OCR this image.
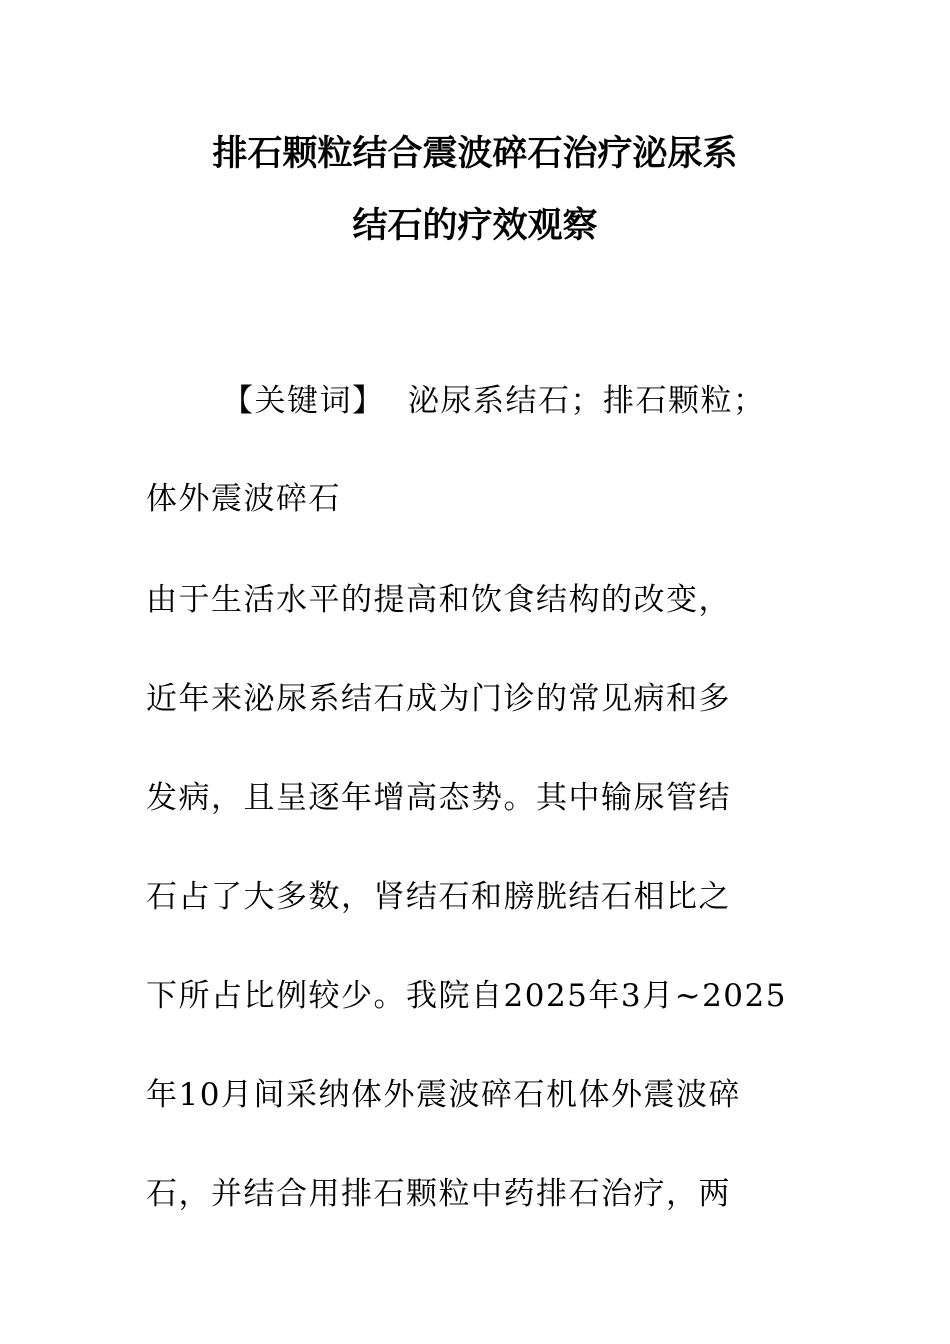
排石颗粒结合震波碎石治疗泌尿系
结石的疗效观察
【关键词】 泌尿系结石；排石颗粒；
体外震波碎石
由于生活水平的提高和饮食结构的改变，
近年来泌尿系结石成为门诊的常见病和多
发病，且呈逐年增高态势。其中输尿管结
石占了大多数，肾结石和膀胱结石相比之
下所占比例较少。我院自2025年3月~2025
年10月间采纳体外震波碎石机体外震波碎
石，并结合用排石颗粒中药排石治疗，两
